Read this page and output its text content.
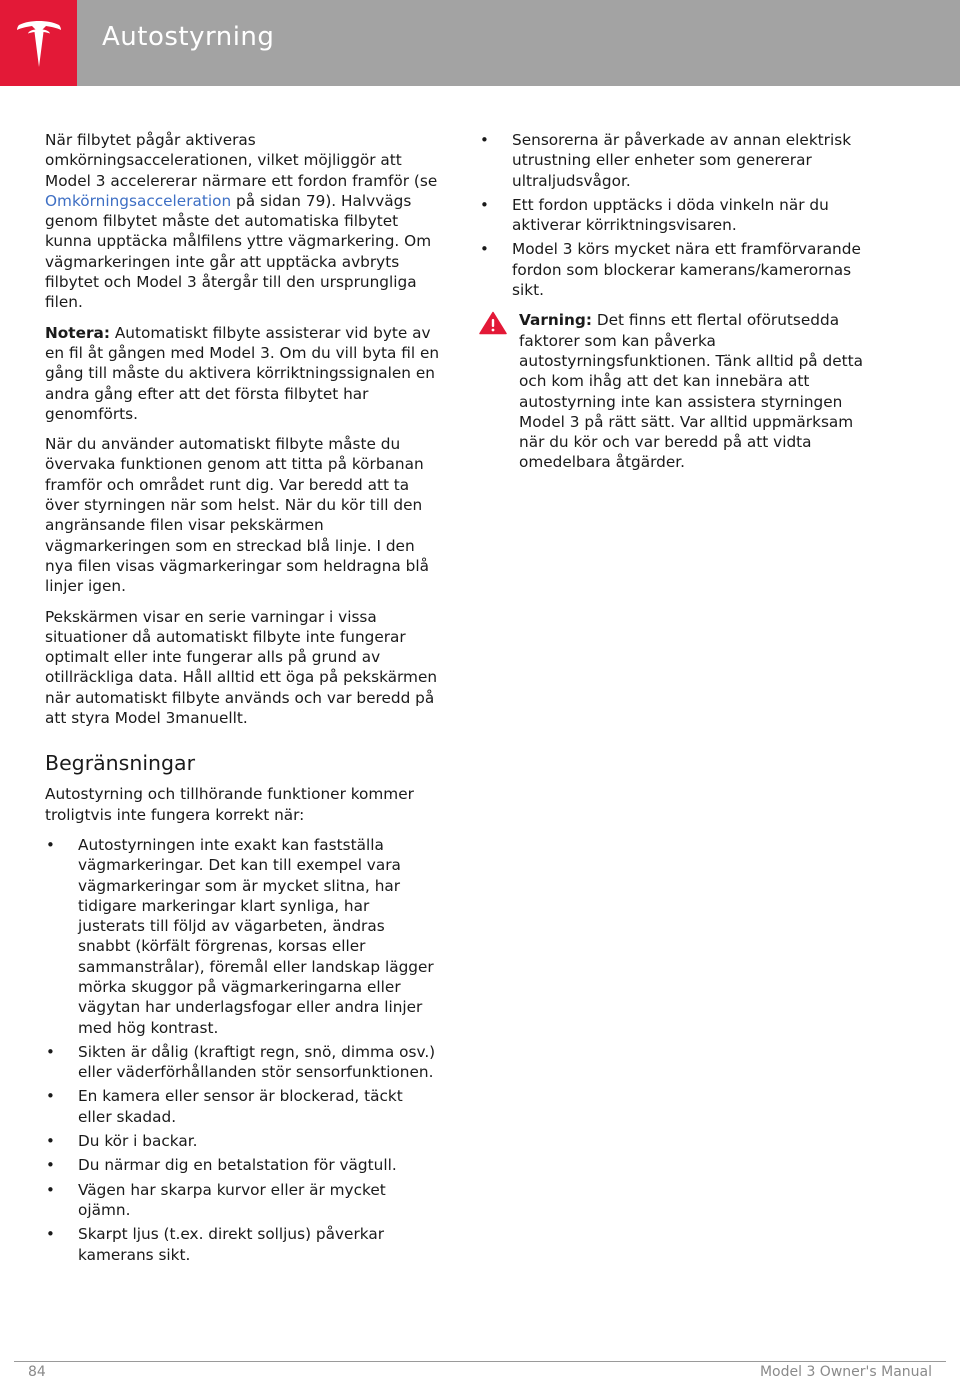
Autostyrning

När filbytet pågår aktiveras omkörningsaccelerationen, vilket möjliggör att Model 3 accelererar närmare ett fordon framför (se Omkörningsacceleration på sidan 79). Halvvägs genom filbytet måste det automatiska filbytet kunna upptäcka målfilens yttre vägmarkering. Om vägmarkeringen inte går att upptäcka avbryts filbytet och Model 3 återgår till den ursprungliga filen.

Notera: Automatiskt filbyte assisterar vid byte av en fil åt gången med Model 3. Om du vill byta fil en gång till måste du aktivera körriktningssignalen en andra gång efter att det första filbytet har genomförts.

När du använder automatiskt filbyte måste du övervaka funktionen genom att titta på körbanan framför och området runt dig. Var beredd att ta över styrningen när som helst. När du kör till den angränsande filen visar pekskärmen vägmarkeringen som en streckad blå linje. I den nya filen visas vägmarkeringar som heldragna blå linjer igen.

Pekskärmen visar en serie varningar i vissa situationer då automatiskt filbyte inte fungerar optimalt eller inte fungerar alls på grund av otillräckliga data. Håll alltid ett öga på pekskärmen när automatiskt filbyte används och var beredd på att styra Model 3manuellt.

Begränsningar

Autostyrning och tillhörande funktioner kommer troligtvis inte fungera korrekt när:

• Autostyrningen inte exakt kan fastställa vägmarkeringar. Det kan till exempel vara vägmarkeringar som är mycket slitna, har tidigare markeringar klart synliga, har justerats till följd av vägarbeten, ändras snabbt (körfält förgrenas, korsas eller sammanstrålar), föremål eller landskap lägger mörka skuggor på vägmarkeringarna eller vägytan har underlagsfogar eller andra linjer med hög kontrast.
• Sikten är dålig (kraftigt regn, snö, dimma osv.) eller väderförhållanden stör sensorfunktionen.
• En kamera eller sensor är blockerad, täckt eller skadad.
• Du kör i backar.
• Du närmar dig en betalstation för vägtull.
• Vägen har skarpa kurvor eller är mycket ojämn.
• Skarpt ljus (t.ex. direkt solljus) påverkar kamerans sikt.
• Sensorerna är påverkade av annan elektrisk utrustning eller enheter som genererar ultraljudsvågor.
• Ett fordon upptäcks i döda vinkeln när du aktiverar körriktningsvisaren.
• Model 3 körs mycket nära ett framförvarande fordon som blockerar kamerans/kamerornas sikt.

Varning: Det finns ett flertal oförutsedda faktorer som kan påverka autostyrningsfunktionen. Tänk alltid på detta och kom ihåg att det kan innebära att autostyrning inte kan assistera styrningen Model 3 på rätt sätt. Var alltid uppmärksam när du kör och var beredd på att vidta omedelbara åtgärder.

84	Model 3 Owner's Manual
